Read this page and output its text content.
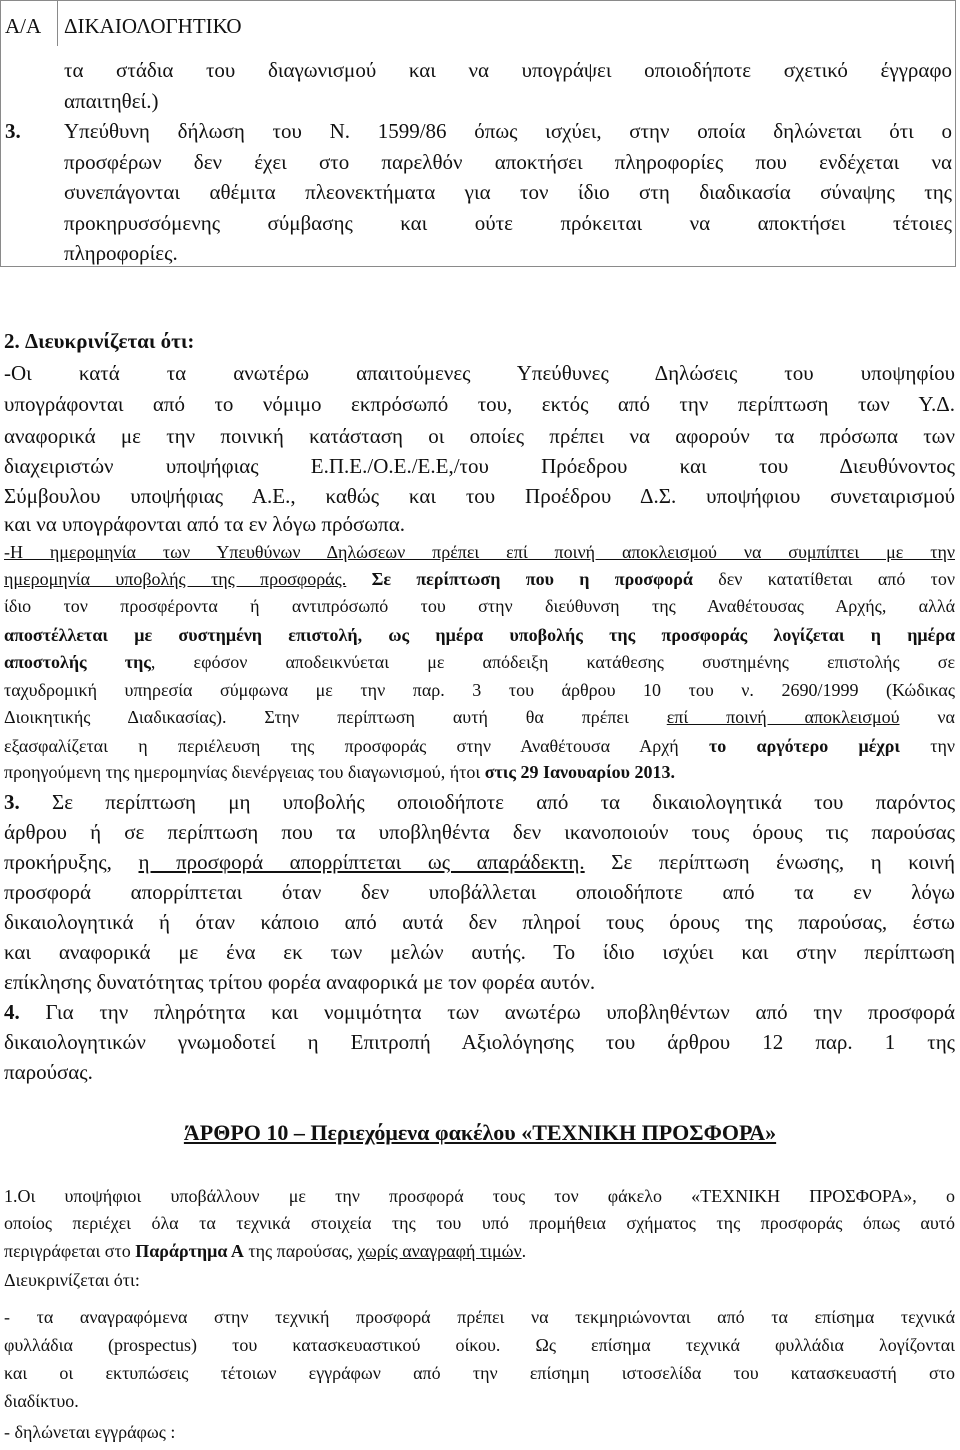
Α/Α	ΔΙΚΑΙΟΛΟΓΗΤΙΚΟ
τα στάδια του διαγωνισμού και να υπογράψει οποιοδήποτε σχετικό έγγραφο
απαιτηθεί.)
3.	Υπεύθυνη δήλωση του Ν. 1599/86 όπως ισχύει, στην οποία δηλώνεται ότι ο
προσφέρων δεν έχει στο παρελθόν αποκτήσει πληροφορίες που ενδέχεται να
συνεπάγονται αθέμιτα πλεονεκτήματα για τον ίδιο στη διαδικασία σύναψης της
προκηρυσσόμενης σύμβασης και ούτε πρόκειται να αποκτήσει τέτοιες
πληροφορίες.
2. Διευκρινίζεται ότι:
-Οι κατά τα ανωτέρω απαιτούμενες Υπεύθυνες Δηλώσεις του υποψηφίου
υπογράφονται από το νόμιμο εκπρόσωπό του, εκτός από την περίπτωση των Υ.Δ.
αναφορικά με την ποινική κατάσταση οι οποίες πρέπει να αφορούν τα πρόσωπα των
διαχειριστών υποψήφιας Ε.Π.Ε./Ο.Ε./Ε.Ε,/του Πρόεδρου και του Διευθύνοντος
Σύμβουλου υποψήφιας Α.Ε., καθώς και του Προέδρου Δ.Σ. υποψήφιου συνεταιρισμού
και να υπογράφονται από τα εν λόγω πρόσωπα.
-Η ημερομηνία των Υπευθύνων Δηλώσεων πρέπει επί ποινή αποκλεισμού να συμπίπτει με την
ημερομηνία υποβολής της προσφοράς. Σε περίπτωση που η προσφορά δεν κατατίθεται από τον
ίδιο τον προσφέροντα ή αντιπρόσωπό του στην διεύθυνση της Αναθέτουσας Αρχής, αλλά
αποστέλλεται με συστημένη επιστολή, ως ημέρα υποβολής της προσφοράς λογίζεται η ημέρα
αποστολής της, εφόσον αποδεικνύεται με απόδειξη κατάθεσης συστημένης επιστολής σε
ταχυδρομική υπηρεσία σύμφωνα με την παρ. 3 του άρθρου 10 του ν. 2690/1999 (Κώδικας
Διοικητικής Διαδικασίας). Στην περίπτωση αυτή θα πρέπει επί ποινή αποκλεισμού να
εξασφαλίζεται η περιέλευση της προσφοράς στην Αναθέτουσα Αρχή το αργότερο μέχρι την
προηγούμενη της ημερομηνίας διενέργειας του διαγωνισμού, ήτοι στις 29 Ιανουαρίου 2013.
3. Σε περίπτωση μη υποβολής οποιοδήποτε από τα δικαιολογητικά του παρόντος
άρθρου ή σε περίπτωση που τα υποβληθέντα δεν ικανοποιούν τους όρους τις παρούσας
προκήρυξης, η προσφορά απορρίπτεται ως απαράδεκτη. Σε περίπτωση ένωσης, η κοινή
προσφορά απορρίπτεται όταν δεν υποβάλλεται οποιοδήποτε από τα εν λόγω
δικαιολογητικά ή όταν κάποιο από αυτά δεν πληροί τους όρους της παρούσας, έστω
και αναφορικά με ένα εκ των μελών αυτής. Το ίδιο ισχύει και στην περίπτωση
επίκλησης δυνατότητας τρίτου φορέα αναφορικά με τον φορέα αυτόν.
4. Για την πληρότητα και νομιμότητα των ανωτέρω υποβληθέντων από την προσφορά
δικαιολογητικών γνωμοδοτεί η Επιτροπή Αξιολόγησης του άρθρου 12 παρ. 1 της
παρούσας.
ΆΡΘΡΟ 10 – Περιεχόμενα φακέλου «ΤΕΧΝΙΚΗ ΠΡΟΣΦΟΡΑ»
1.Οι υποψήφιοι υποβάλλουν με την προσφορά τους τον φάκελο «ΤΕΧΝΙΚΗ ΠΡΟΣΦΟΡΑ», ο
οποίος περιέχει όλα τα τεχνικά στοιχεία της του υπό προμήθεια σχήματος της προσφοράς όπως αυτό
περιγράφεται στο Παράρτημα Α της παρούσας, χωρίς αναγραφή τιμών.
Διευκρινίζεται ότι:
- τα αναγραφόμενα στην τεχνική προσφορά πρέπει να τεκμηριώνονται από τα επίσημα τεχνικά
φυλλάδια (prospectus) του κατασκευαστικού οίκου. Ως επίσημα τεχνικά φυλλάδια λογίζονται
και οι εκτυπώσεις τέτοιων εγγράφων από την επίσημη ιστοσελίδα του κατασκευαστή στο
διαδίκτυο.
- δηλώνεται εγγράφως :
